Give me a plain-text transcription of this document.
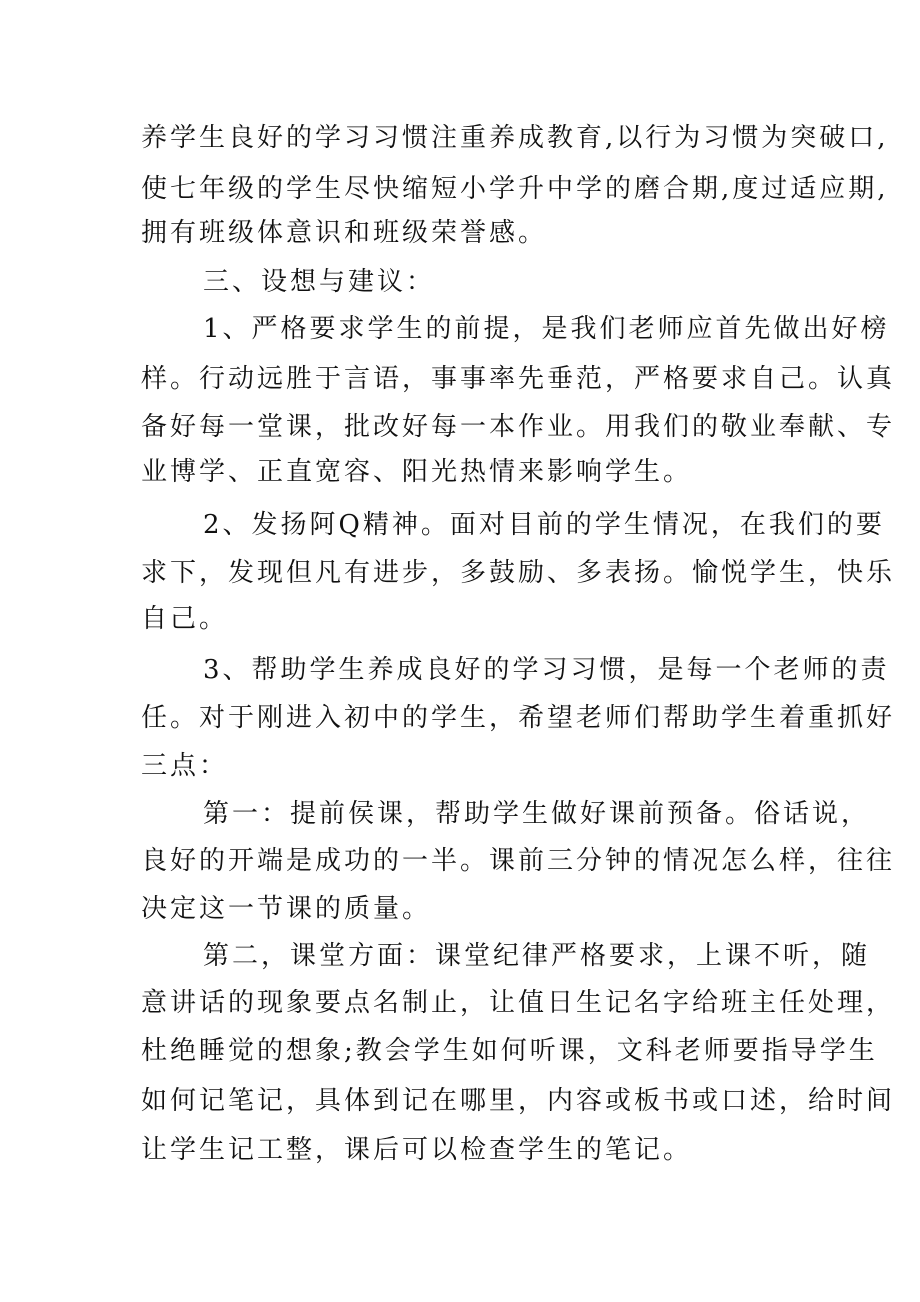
养学生良好的学习习惯注重养成教育,以行为习惯为突破口,
使七年级的学生尽快缩短小学升中学的磨合期,度过适应期,
拥有班级体意识和班级荣誉感。
三、设想与建议：
1、严格要求学生的前提，是我们老师应首先做出好榜
样。行动远胜于言语，事事率先垂范，严格要求自己。认真
备好每一堂课，批改好每一本作业。用我们的敬业奉献、专
业博学、正直宽容、阳光热情来影响学生。
2、发扬阿Q精神。面对目前的学生情况，在我们的要
求下，发现但凡有进步，多鼓励、多表扬。愉悦学生，快乐
自己。
3、帮助学生养成良好的学习习惯，是每一个老师的责
任。对于刚进入初中的学生，希望老师们帮助学生着重抓好
三点：
第一：提前侯课，帮助学生做好课前预备。俗话说，
良好的开端是成功的一半。课前三分钟的情况怎么样，往往
决定这一节课的质量。
第二，课堂方面：课堂纪律严格要求，上课不听，随
意讲话的现象要点名制止，让值日生记名字给班主任处理，
杜绝睡觉的想象;教会学生如何听课，文科老师要指导学生
如何记笔记，具体到记在哪里，内容或板书或口述，给时间
让学生记工整，课后可以检查学生的笔记。
